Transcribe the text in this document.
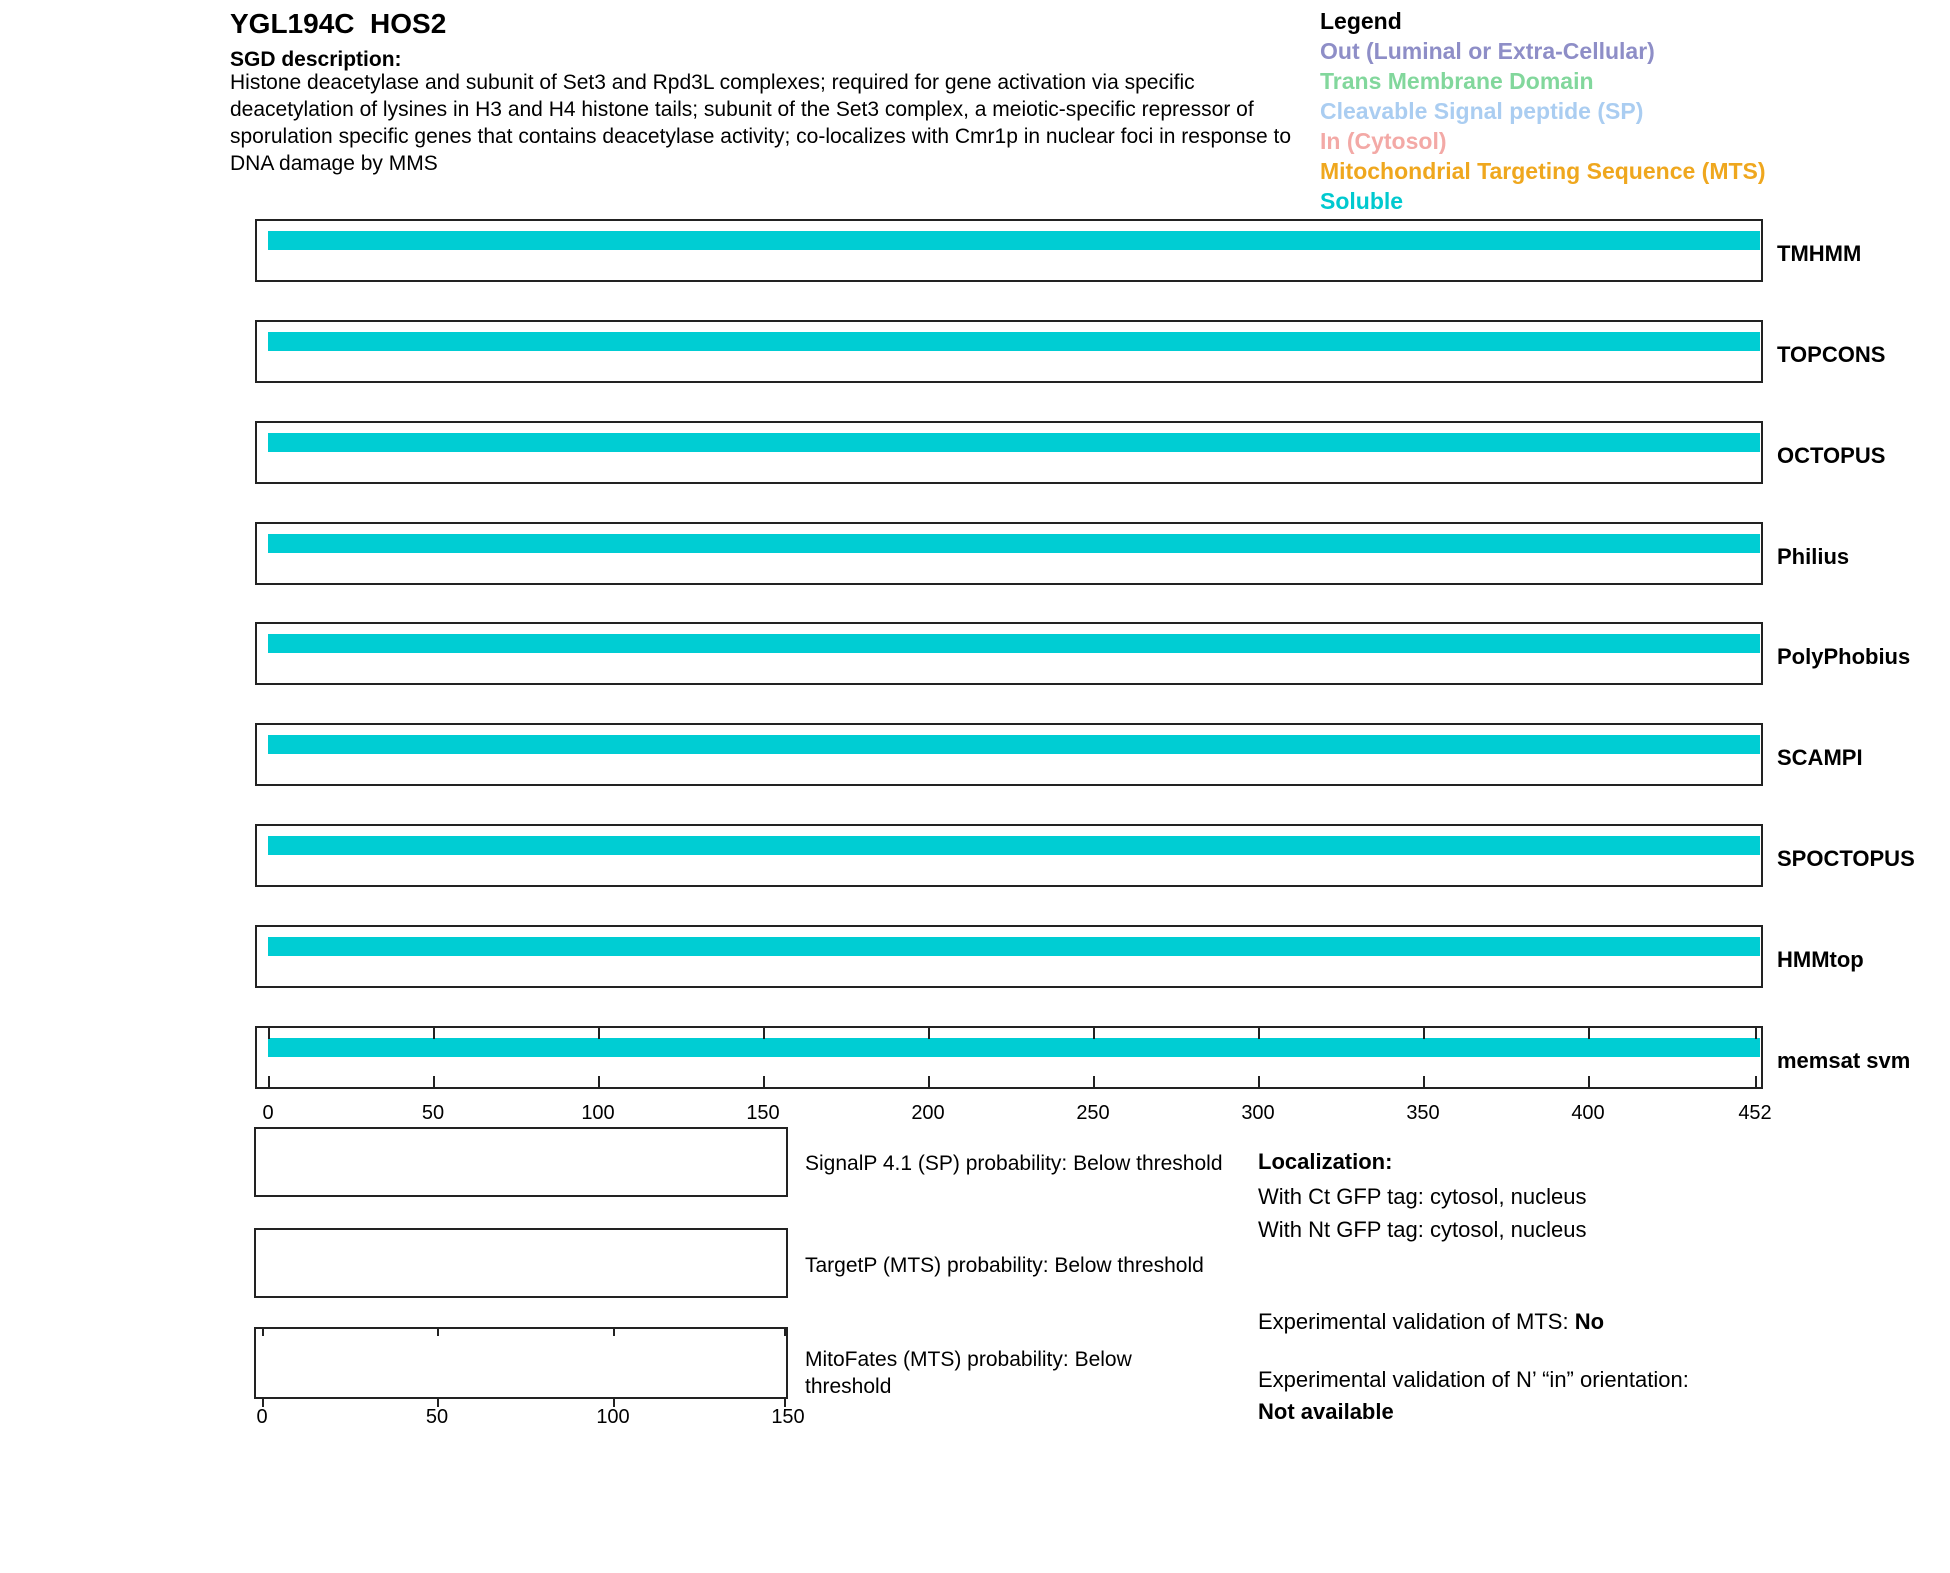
YGL194C  HOS2
SGD description:
Histone deacetylase and subunit of Set3 and Rpd3L complexes; required for gene activation via specific deacetylation of lysines in H3 and H4 histone tails; subunit of the Set3 complex, a meiotic-specific repressor of sporulation specific genes that contains deacetylase activity; co-localizes with Cmr1p in nuclear foci in response to DNA damage by MMS
Legend
Out (Luminal or Extra-Cellular)
Trans Membrane Domain
Cleavable Signal peptide (SP)
In (Cytosol)
Mitochondrial Targeting Sequence (MTS)
Soluble
TMHMM
TOPCONS
OCTOPUS
Philius
PolyPhobius
SCAMPI
SPOCTOPUS
HMMtop
memsat svm
0	50	100	150	200	250	300	350	400	452
SignalP 4.1 (SP) probability: Below threshold
TargetP (MTS) probability: Below threshold
MitoFates (MTS) probability: Below threshold
0	50	100	150
Localization:
With Ct GFP tag: cytosol, nucleus
With Nt GFP tag: cytosol, nucleus
Experimental validation of MTS: No
Experimental validation of N’ “in” orientation: Not available
